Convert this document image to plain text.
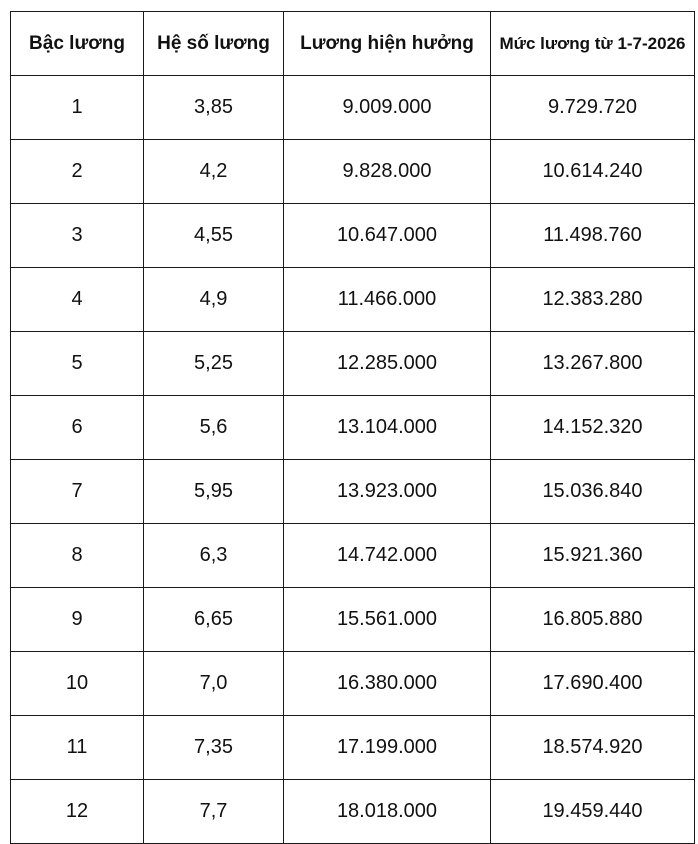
Bậc lương	Hệ số lương	Lương hiện hưởng	Mức lương từ 1-7-2026
1	3,85	9.009.000	9.729.720
2	4,2	9.828.000	10.614.240
3	4,55	10.647.000	11.498.760
4	4,9	11.466.000	12.383.280
5	5,25	12.285.000	13.267.800
6	5,6	13.104.000	14.152.320
7	5,95	13.923.000	15.036.840
8	6,3	14.742.000	15.921.360
9	6,65	15.561.000	16.805.880
10	7,0	16.380.000	17.690.400
11	7,35	17.199.000	18.574.920
12	7,7	18.018.000	19.459.440
